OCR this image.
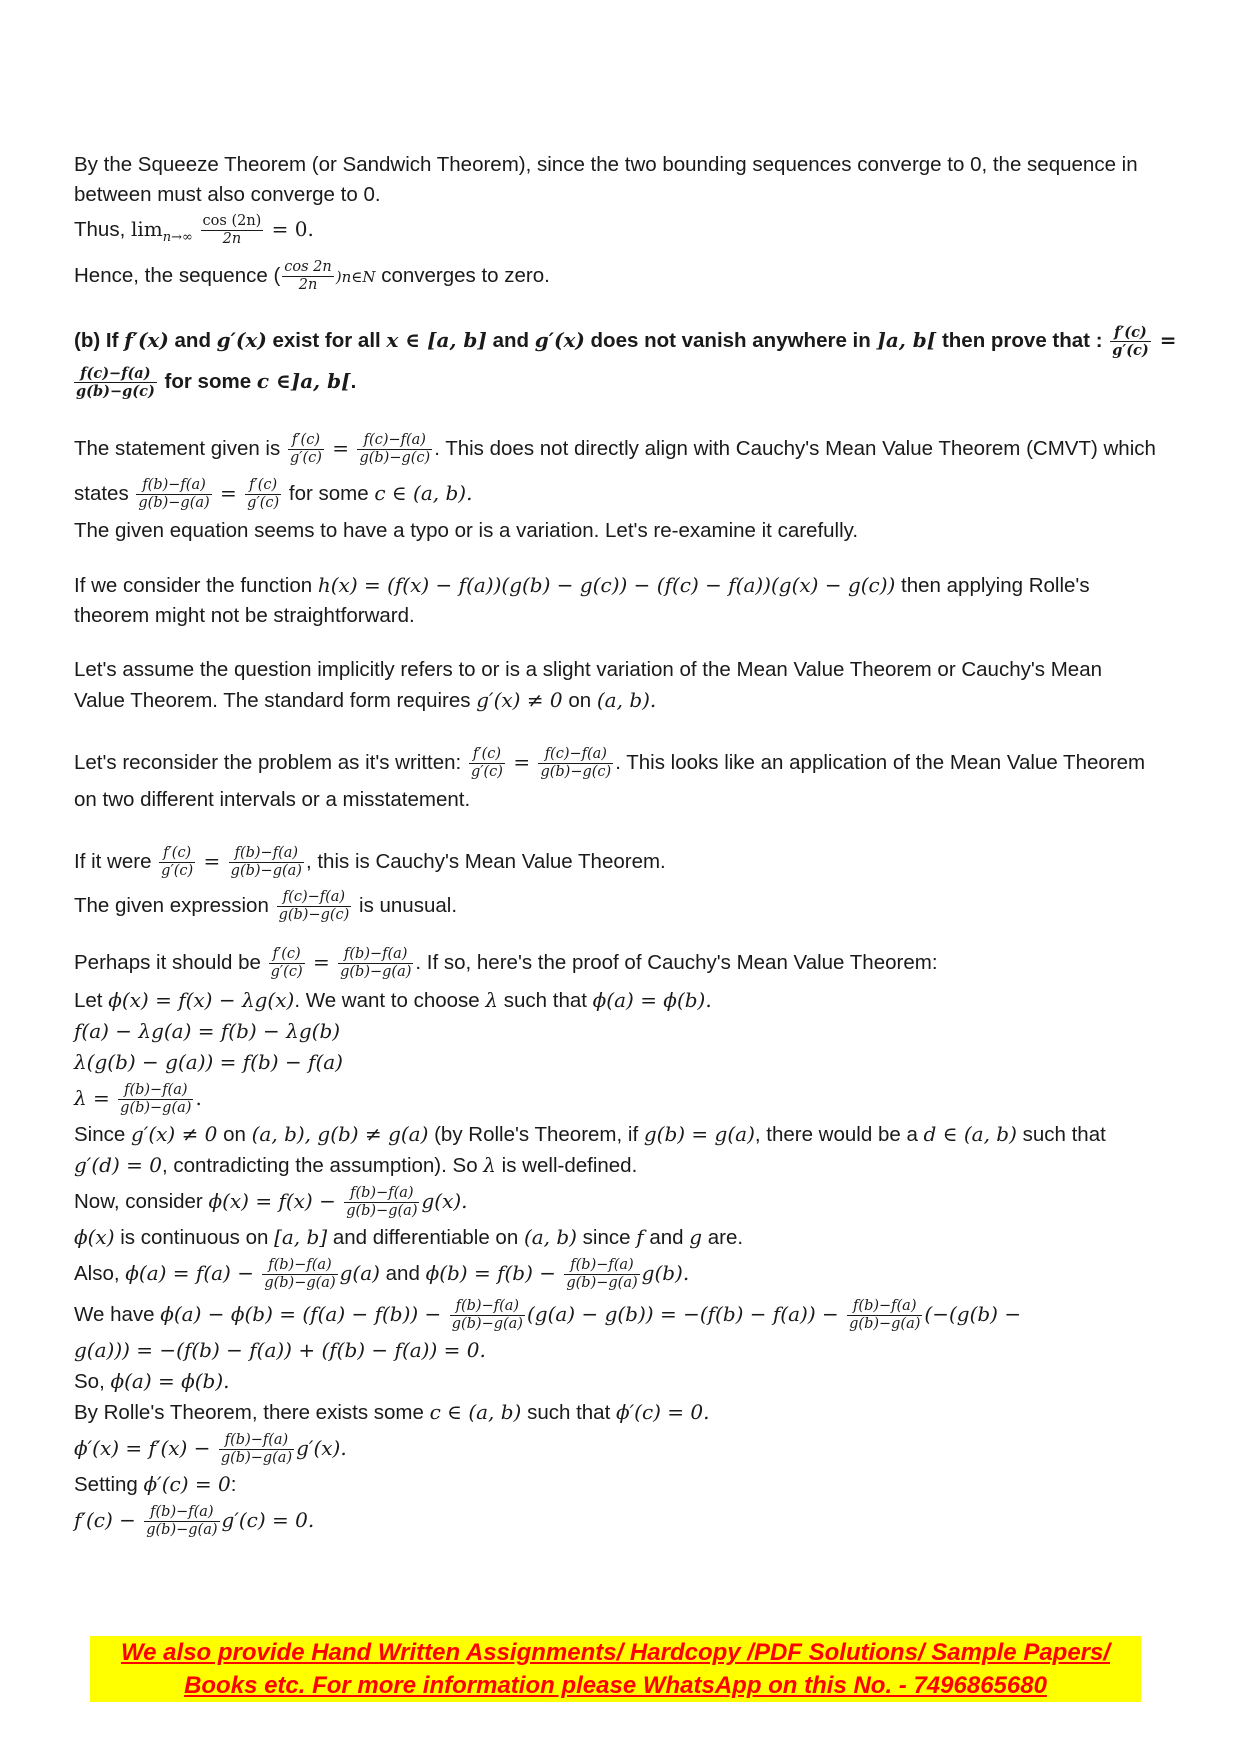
By the Squeeze Theorem (or Sandwich Theorem), since the two bounding sequences converge to 0, the sequence in
between must also converge to 0.
Thus, $\lim_{n\to\infty} \frac{\cos (2n)}{2n} = 0$.
Hence, the sequence ( $\frac{\cos 2n}{2n}$ )n∈N converges to zero.
(b) If f′(x) and g′(x) exist for all x ∈ [a, b] and g′(x) does not vanish anywhere in ]a, b[ then prove that : $\frac{f'(c)}{g'(c)}$ =
$\frac{f(c)-f(a)}{g(b)-g(c)}$ for some c ∈]a, b[.
The statement given is $\frac{f'(c)}{g'(c)} = \frac{f(c)-f(a)}{g(b)-g(c)}$ . This does not directly align with Cauchy's Mean Value Theorem (CMVT) which
states $\frac{f(b)-f(a)}{g(b)-g(a)} = \frac{f'(c)}{g'(c)}$ for some c ∈ (a, b).
The given equation seems to have a typo or is a variation. Let's re-examine it carefully.
If we consider the function h(x) = (f(x) − f(a))(g(b) − g(c)) − (f(c) − f(a))(g(x) − g(c)) then applying Rolle's
theorem might not be straightforward.
Let's assume the question implicitly refers to or is a slight variation of the Mean Value Theorem or Cauchy's Mean
Value Theorem. The standard form requires g′(x) ≠ 0 on (a, b).
Let's reconsider the problem as it's written: $\frac{f'(c)}{g'(c)} = \frac{f(c)-f(a)}{g(b)-g(c)}$ . This looks like an application of the Mean Value Theorem
on two different intervals or a misstatement.
If it were $\frac{f'(c)}{g'(c)} = \frac{f(b)-f(a)}{g(b)-g(a)}$ , this is Cauchy's Mean Value Theorem.
The given expression $\frac{f(c)-f(a)}{g(b)-g(c)}$ is unusual.
Perhaps it should be $\frac{f'(c)}{g'(c)} = \frac{f(b)-f(a)}{g(b)-g(a)}$ . If so, here's the proof of Cauchy's Mean Value Theorem:
Let ϕ(x) = f(x) − λg(x). We want to choose λ such that ϕ(a) = ϕ(b).
f(a) − λg(a) = f(b) − λg(b)
λ(g(b) − g(a)) = f(b) − f(a)
$\lambda = \frac{f(b)-f(a)}{g(b)-g(a)}$ .
Since g′(x) ≠ 0 on (a, b), g(b) ≠ g(a) (by Rolle's Theorem, if g(b) = g(a), there would be a d ∈ (a, b) such that
g′(d) = 0, contradicting the assumption). So λ is well-defined.
Now, consider $\phi(x) = f(x) - \frac{f(b)-f(a)}{g(b)-g(a)} g(x)$.
ϕ(x) is continuous on [a, b] and differentiable on (a, b) since f and g are.
Also, $\phi(a) = f(a) - \frac{f(b)-f(a)}{g(b)-g(a)} g(a)$ and $\phi(b) = f(b) - \frac{f(b)-f(a)}{g(b)-g(a)} g(b)$.
We have $\phi(a) - \phi(b) = (f(a) - f(b)) - \frac{f(b)-f(a)}{g(b)-g(a)} (g(a) - g(b)) = -(f(b) - f(a)) - \frac{f(b)-f(a)}{g(b)-g(a)} (-(g(b)$ −
g(a))) = −(f(b) − f(a)) + (f(b) − f(a)) = 0.
So, ϕ(a) = ϕ(b).
By Rolle's Theorem, there exists some c ∈ (a, b) such that ϕ′(c) = 0.
$\phi'(x) = f'(x) - \frac{f(b)-f(a)}{g(b)-g(a)} g'(x)$.
Setting ϕ′(c) = 0:
$f'(c) - \frac{f(b)-f(a)}{g(b)-g(a)} g'(c) = 0$.
We also provide Hand Written Assignments/ Hardcopy /PDF Solutions/ Sample Papers/
Books etc. For more information please WhatsApp on this No. - 7496865680
